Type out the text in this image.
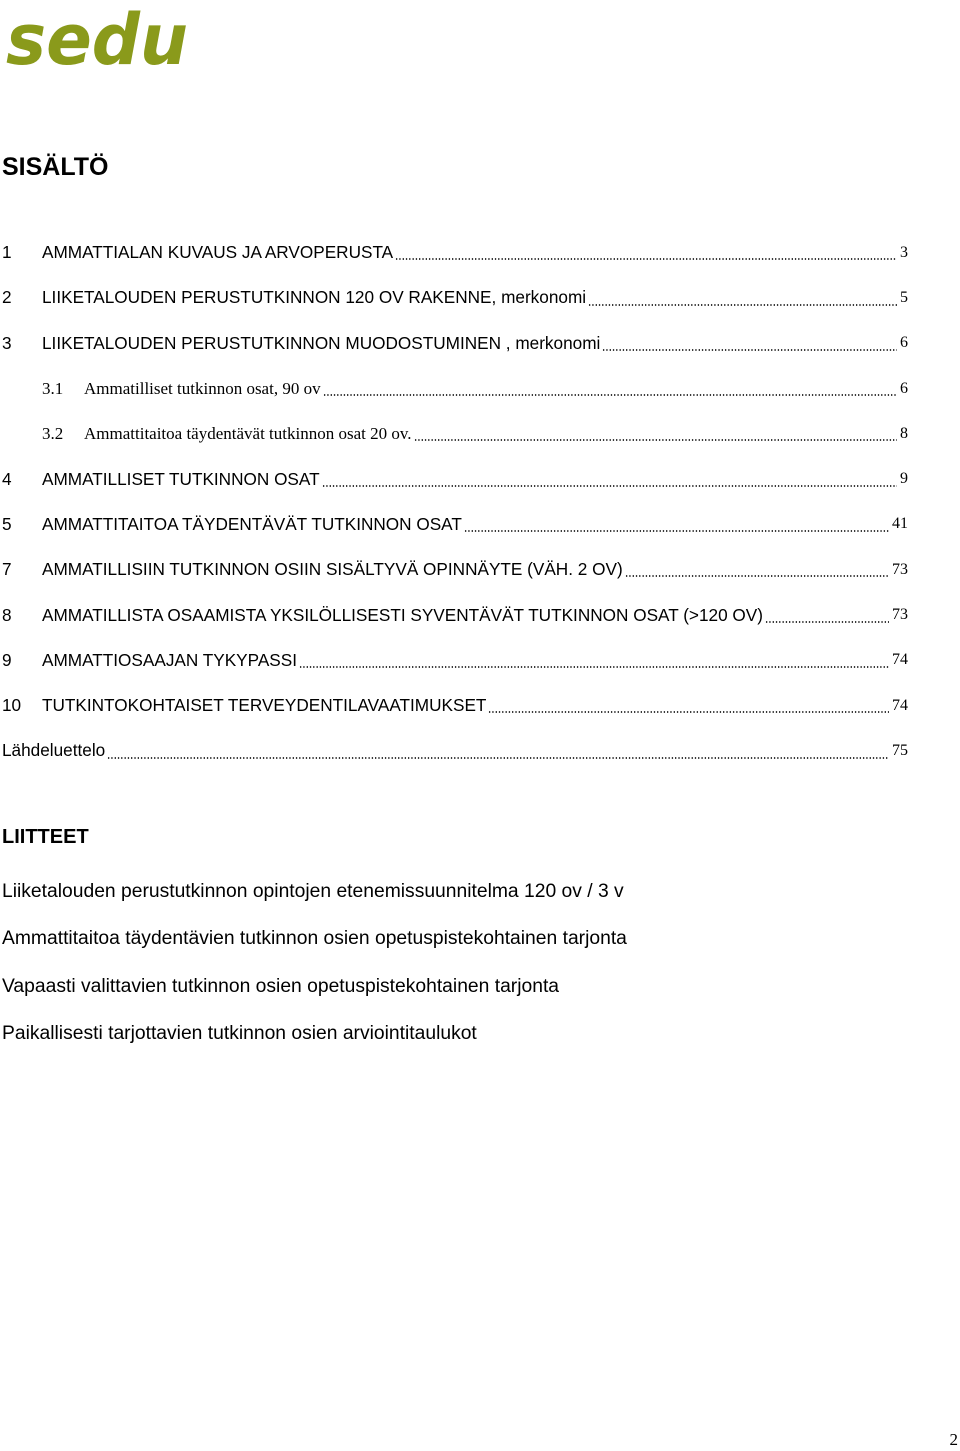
sedu
SISÄLTÖ
1	AMMATTIALAN KUVAUS JA ARVOPERUSTA	3
2	LIIKETALOUDEN PERUSTUTKINNON 120 OV RAKENNE, merkonomi	5
3	LIIKETALOUDEN PERUSTUTKINNON MUODOSTUMINEN , merkonomi	6
3.1	Ammatilliset tutkinnon osat, 90 ov	6
3.2	Ammattitaitoa täydentävät tutkinnon osat 20 ov.	8
4	AMMATILLISET TUTKINNON OSAT	9
5	AMMATTITAITOA TÄYDENTÄVÄT TUTKINNON OSAT	41
7	AMMATILLISIIN TUTKINNON OSIIN SISÄLTYVÄ OPINNÄYTE (VÄH. 2 OV)	73
8	AMMATILLISTA OSAAMISTA YKSILÖLLISESTI SYVENTÄVÄT TUTKINNON OSAT (>120 OV)	73
9	AMMATTIOSAAJAN TYKYPASSI	74
10	TUTKINTOKOHTAISET TERVEYDENTILAVAATIMUKSET	74
Lähdeluettelo	75
LIITTEET
Liiketalouden perustutkinnon opintojen etenemissuunnitelma 120 ov / 3 v
Ammattitaitoa täydentävien tutkinnon osien opetuspistekohtainen tarjonta
Vapaasti valittavien tutkinnon osien opetuspistekohtainen tarjonta
Paikallisesti tarjottavien tutkinnon osien arviointitaulukot
2
